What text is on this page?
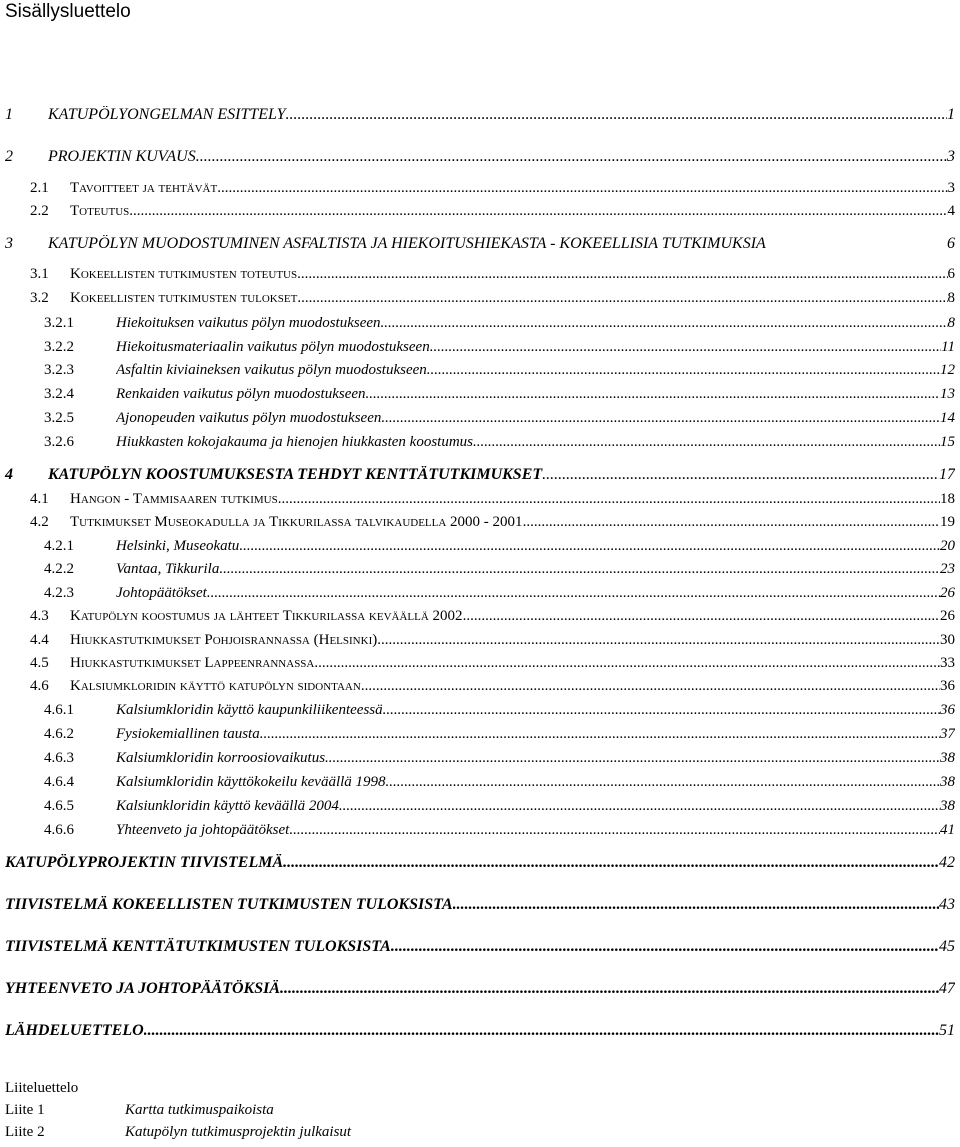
Sisällysluettelo
1 KATUPÖLYONGELMAN ESITTELY .....	1
2 PROJEKTIN KUVAUS .....	3
2.1 Tavoitteet ja tehtävät .....	3
2.2 Toteutus .....	4
3 KATUPÖLYN MUODOSTUMINEN ASFALTISTA JA HIEKOITUSHIEKASTA - KOKEELLISIA TUTKIMUKSIA	6
3.1 Kokeellisten tutkimusten toteutus .....	6
3.2 Kokeellisten tutkimusten tulokset .....	8
3.2.1	Hiekoituksen vaikutus pölyn muodostukseen .....	8
3.2.2	Hiekoitusmateriaalin vaikutus pölyn muodostukseen .....	11
3.2.3	Asfaltin kiviaineksen vaikutus pölyn muodostukseen .....	12
3.2.4	Renkaiden vaikutus pölyn muodostukseen .....	13
3.2.5	Ajonopeuden vaikutus pölyn muodostukseen .....	14
3.2.6	Hiukkasten kokojakauma ja hienojen hiukkasten koostumus .....	15
4 KATUPÖLYN KOOSTUMUKSESTA TEHDYT KENTTÄTUTKIMUKSET .....	17
4.1 Hangon - Tammisaaren tutkimus .....	18
4.2 Tutkimukset Museokadulla ja Tikkurilassa talvikaudella 2000 - 2001 .....	19
4.2.1	Helsinki, Museokatu .....	20
4.2.2	Vantaa, Tikkurila .....	23
4.2.3	Johtopäätökset .....	26
4.3 Katupölyn koostumus ja lähteet Tikkurilassa keväällä 2002 .....	26
4.4 Hiukkastutkimukset Pohjoisrannassa (Helsinki) .....	30
4.5 Hiukkastutkimukset Lappeenrannassa .....	33
4.6 Kalsiumkloridin käyttö katupölyn sidontaan .....	36
4.6.1	Kalsiumkloridin käyttö kaupunkiliikenteessä .....	36
4.6.2	Fysiokemiallinen tausta .....	37
4.6.3	Kalsiumkloridin korroosiovaikutus .....	38
4.6.4	Kalsiumkloridin käyttökokeilu keväällä 1998 .....	38
4.6.5	Kalsiunkloridin käyttö keväällä 2004 .....	38
4.6.6	Yhteenveto ja johtopäätökset .....	41
KATUPÖLYPROJEKTIN TIIVISTELMÄ .....	42
TIIVISTELMÄ KOKEELLISTEN TUTKIMUSTEN TULOKSISTA .....	43
TIIVISTELMÄ KENTTÄTUTKIMUSTEN TULOKSISTA .....	45
YHTEENVETO JA JOHTOPÄÄTÖKSIÄ .....	47
LÄHDELUETTELO .....	51
Liiteluettelo
Liite 1	Kartta tutkimuspaikoista
Liite 2	Katupölyn tutkimusprojektin julkaisut
